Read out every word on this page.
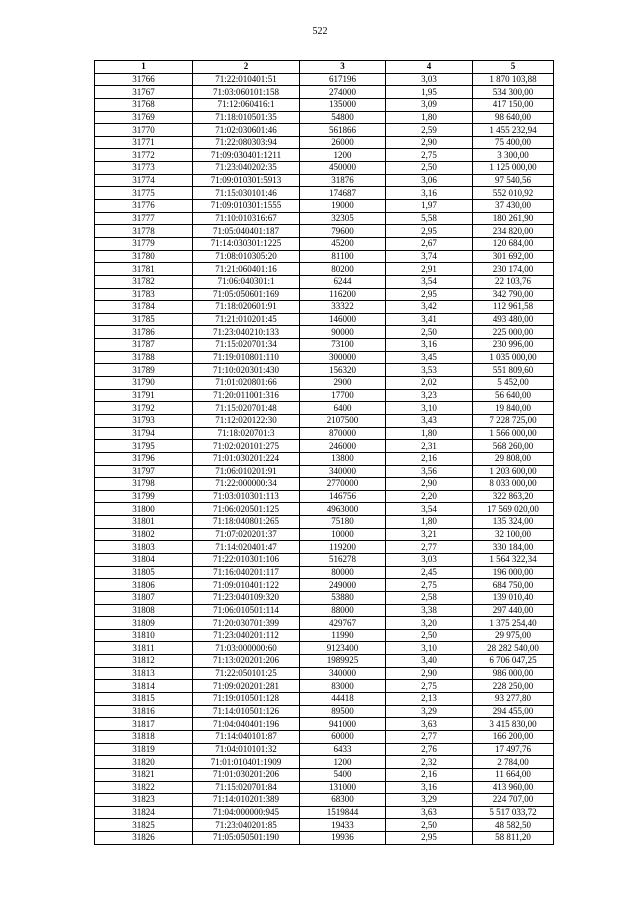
522
1	2	3	4	5
31766	71:22:010401:51	617196	3,03	1 870 103,88
31767	71:03:060101:158	274000	1,95	534 300,00
31768	71:12:060416:1	135000	3,09	417 150,00
31769	71:18:010501:35	54800	1,80	98 640,00
31770	71:02:030601:46	561866	2,59	1 455 232,94
31771	71:22:080303:94	26000	2,90	75 400,00
31772	71:09:030401:1211	1200	2,75	3 300,00
31773	71:23:040202:35	450000	2,50	1 125 000,00
31774	71:09:010301:5913	31876	3,06	97 540,56
31775	71:15:030101:46	174687	3,16	552 010,92
31776	71:09:010301:1555	19000	1,97	37 430,00
31777	71:10:010316:67	32305	5,58	180 261,90
31778	71:05:040401:187	79600	2,95	234 820,00
31779	71:14:030301:1225	45200	2,67	120 684,00
31780	71:08:010305:20	81100	3,74	301 692,00
31781	71:21:060401:16	80200	2,91	230 174,00
31782	71:06:040301:1	6244	3,54	22 103,76
31783	71:05:050601:169	116200	2,95	342 790,00
31784	71:18:020601:91	33322	3,42	112 961,58
31785	71:21:010201:45	146000	3,41	493 480,00
31786	71:23:040210:133	90000	2,50	225 000,00
31787	71:15:020701:34	73100	3,16	230 996,00
31788	71:19:010801:110	300000	3,45	1 035 000,00
31789	71:10:020301:430	156320	3,53	551 809,60
31790	71:01:020801:66	2900	2,02	5 452,00
31791	71:20:011001:316	17700	3,23	56 640,00
31792	71:15:020701:48	6400	3,10	19 840,00
31793	71:12:020122:30	2107500	3,43	7 228 725,00
31794	71:18:020701:3	870000	1,80	1 566 000,00
31795	71:02:020101:275	246000	2,31	568 260,00
31796	71:01:030201:224	13800	2,16	29 808,00
31797	71:06:010201:91	340000	3,56	1 203 600,00
31798	71:22:000000:34	2770000	2,90	8 033 000,00
31799	71:03:010301:113	146756	2,20	322 863,20
31800	71:06:020501:125	4963000	3,54	17 569 020,00
31801	71:18:040801:265	75180	1,80	135 324,00
31802	71:07:020201:37	10000	3,21	32 100,00
31803	71:14:020401:47	119200	2,77	330 184,00
31804	71:22:010301:106	516278	3,03	1 564 322,34
31805	71:16:040201:117	80000	2,45	196 000,00
31806	71:09:010401:122	249000	2,75	684 750,00
31807	71:23:040109:320	53880	2,58	139 010,40
31808	71:06:010501:114	88000	3,38	297 440,00
31809	71:20:030701:399	429767	3,20	1 375 254,40
31810	71:23:040201:112	11990	2,50	29 975,00
31811	71:03:000000:60	9123400	3,10	28 282 540,00
31812	71:13:020201:206	1989925	3,40	6 706 047,25
31813	71:22:050101:25	340000	2,90	986 000,00
31814	71:09:020201:281	83000	2,75	228 250,00
31815	71:19:010501:128	44418	2,13	93 277,80
31816	71:14:010501:126	89500	3,29	294 455,00
31817	71:04:040401:196	941000	3,63	3 415 830,00
31818	71:14:040101:87	60000	2,77	166 200,00
31819	71:04:010101:32	6433	2,76	17 497,76
31820	71:01:010401:1909	1200	2,32	2 784,00
31821	71:01:030201:206	5400	2,16	11 664,00
31822	71:15:020701:84	131000	3,16	413 960,00
31823	71:14:010201:389	68300	3,29	224 707,00
31824	71:04:000000:945	1519844	3,63	5 517 033,72
31825	71:23:040201:85	19433	2,50	48 582,50
31826	71:05:050501:190	19936	2,95	58 811,20
